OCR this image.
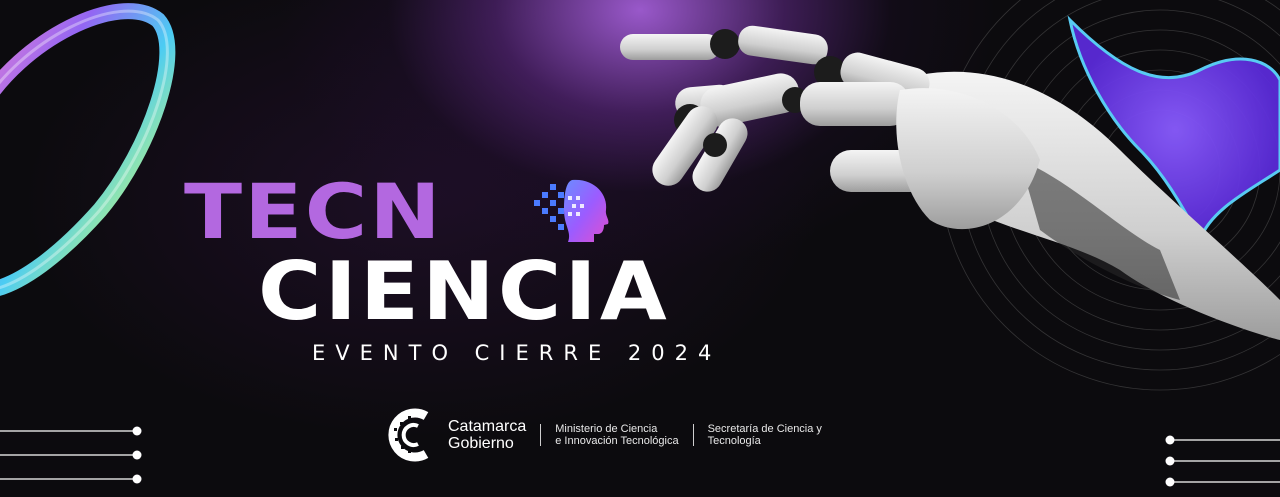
TECN
CIENCIA
EVENTO CIERRE 2024
Catamarca
Gobierno
Ministerio de Ciencia
e Innovación Tecnológica
Secretaría de Ciencia y
Tecnología
